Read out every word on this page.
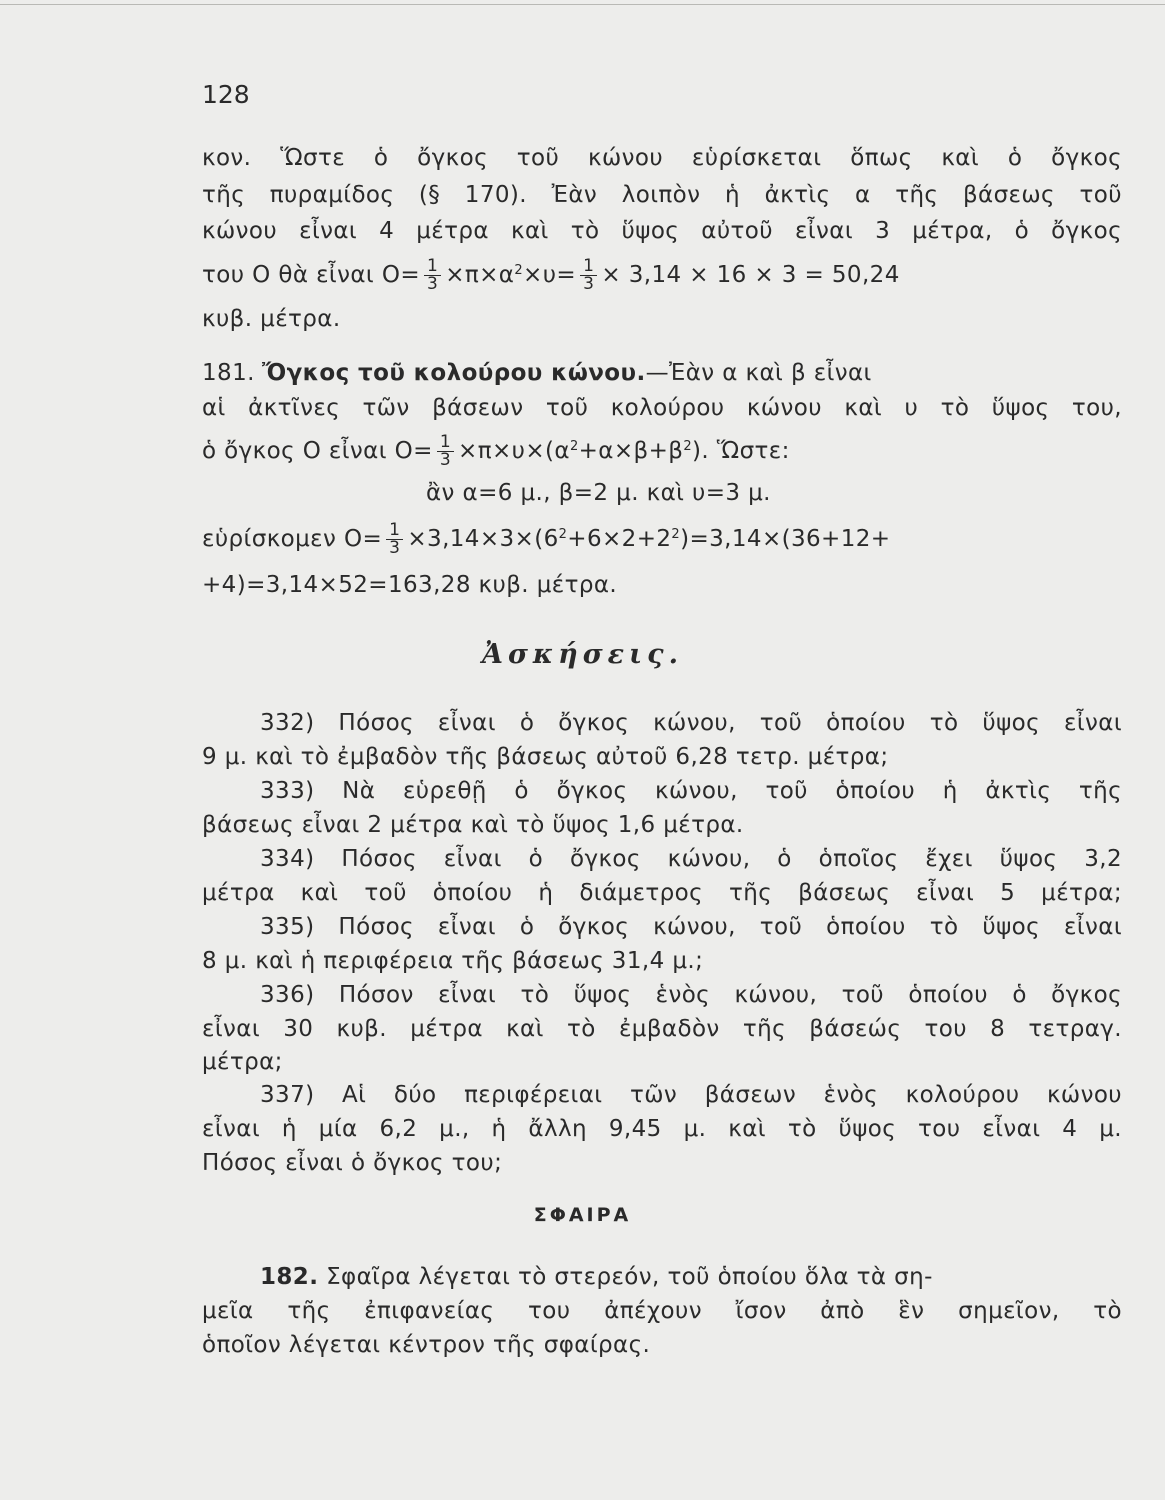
128
κον. Ὥστε ὁ ὄγκος τοῦ κώνου εὑρίσκεται ὅπως καὶ ὁ ὄγκος
τῆς πυραμίδος (§ 170). Ἐὰν λοιπὸν ἡ ἀκτὶς α τῆς βάσεως τοῦ
κώνου εἶναι 4 μέτρα καὶ τὸ ὕψος αὐτοῦ εἶναι 3 μέτρα, ὁ ὄγκος
του Ο θὰ εἶναι $O= \frac{1}{3} \times\pi\times\alpha^2\times\upsilon= \frac{1}{3} \times 3,14 \times 16 \times 3 = 50,24$
κυβ. μέτρα.
181. Ὄγκος τοῦ κολούρου κώνου.—Ἐὰν α καὶ β εἶναι
αἱ ἀκτῖνες τῶν βάσεων τοῦ κολούρου κώνου καὶ υ τὸ ὕψος του,
ὁ ὄγκος Ο εἶναι $O= \frac{1}{3} \times\pi\times\upsilon\times(\alpha^2+\alpha\times\beta+\beta^2)$. Ὥστε:
ἂν α=6 μ., β=2 μ. καὶ υ=3 μ.
εὑρίσκομεν $O= \frac{1}{3} \times 3,14\times 3\times(6^2+6\times 2+2^2)=3,14\times(36+12+$
+4)=3,14×52=163,28 κυβ. μέτρα.
Ἀσκήσεις.
332) Πόσος εἶναι ὁ ὄγκος κώνου, τοῦ ὁποίου τὸ ὕψος εἶναι
9 μ. καὶ τὸ ἐμβαδὸν τῆς βάσεως αὐτοῦ 6,28 τετρ. μέτρα;
333) Νὰ εὑρεθῇ ὁ ὄγκος κώνου, τοῦ ὁποίου ἡ ἀκτὶς τῆς
βάσεως εἶναι 2 μέτρα καὶ τὸ ὕψος 1,6 μέτρα.
334) Πόσος εἶναι ὁ ὄγκος κώνου, ὁ ὁποῖος ἔχει ὕψος 3,2
μέτρα καὶ τοῦ ὁποίου ἡ διάμετρος τῆς βάσεως εἶναι 5 μέτρα;
335) Πόσος εἶναι ὁ ὄγκος κώνου, τοῦ ὁποίου τὸ ὕψος εἶναι
8 μ. καὶ ἡ περιφέρεια τῆς βάσεως 31,4 μ.;
336) Πόσον εἶναι τὸ ὕψος ἑνὸς κώνου, τοῦ ὁποίου ὁ ὄγκος
εἶναι 30 κυβ. μέτρα καὶ τὸ ἐμβαδὸν τῆς βάσεώς του 8 τετραγ.
μέτρα;
337) Αἱ δύο περιφέρειαι τῶν βάσεων ἑνὸς κολούρου κώνου
εἶναι ἡ μία 6,2 μ., ἡ ἄλλη 9,45 μ. καὶ τὸ ὕψος του εἶναι 4 μ.
Πόσος εἶναι ὁ ὄγκος του;
ΣΦΑΙΡΑ
182. Σφαῖρα λέγεται τὸ στερεόν, τοῦ ὁποίου ὅλα τὰ ση-
μεῖα τῆς ἐπιφανείας του ἀπέχουν ἴσον ἀπὸ ἓν σημεῖον, τὸ
ὁποῖον λέγεται κέντρον τῆς σφαίρας.
